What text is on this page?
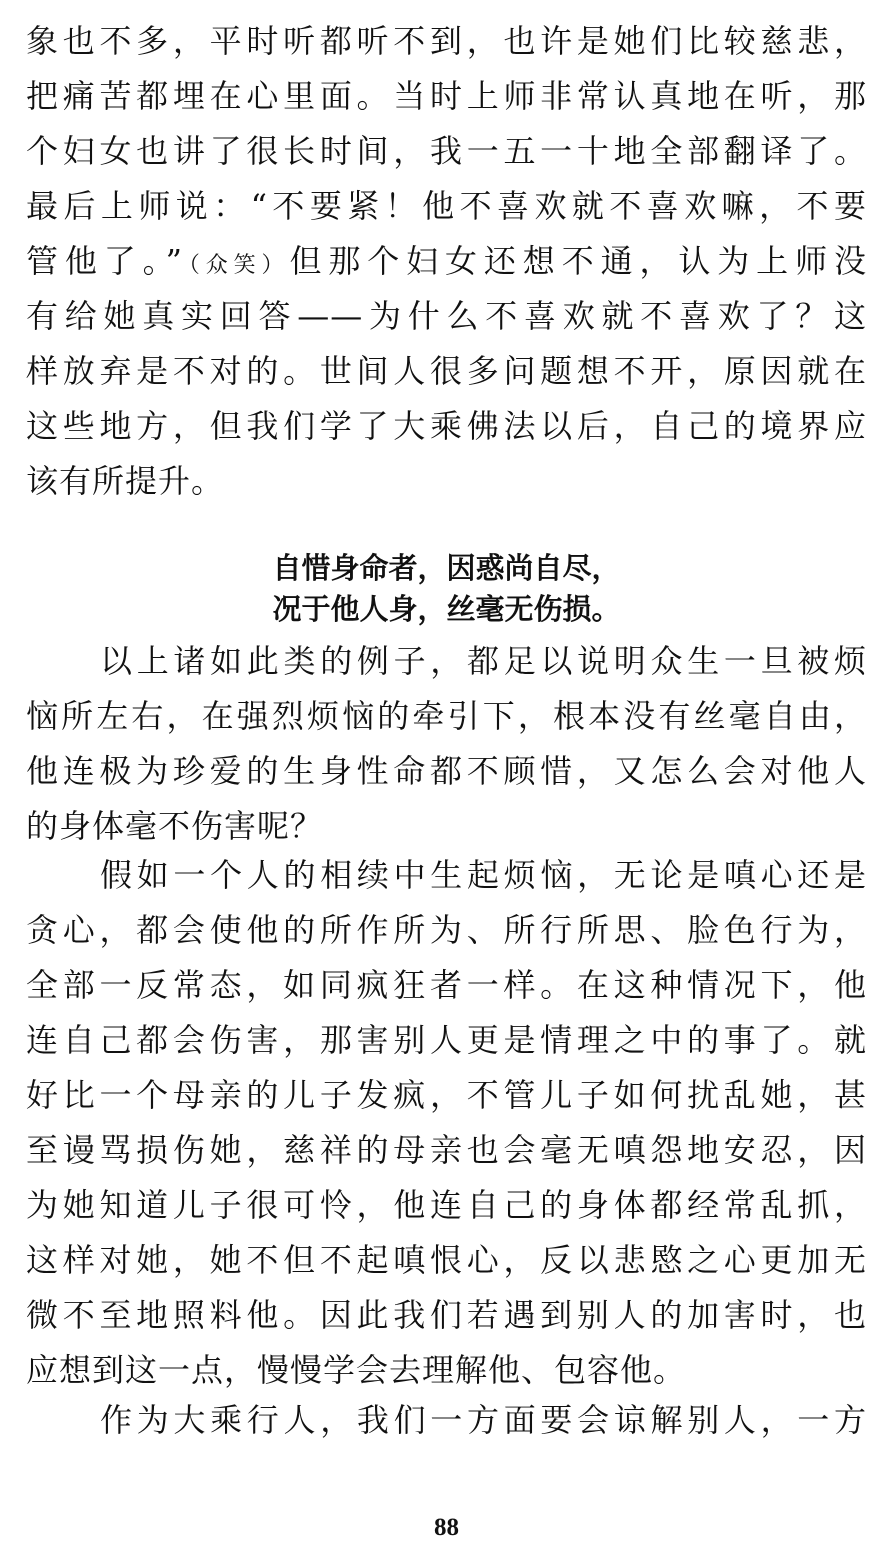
象也不多，平时听都听不到，也许是她们比较慈悲，
把痛苦都埋在心里面。当时上师非常认真地在听，那
个妇女也讲了很长时间，我一五一十地全部翻译了。
最后上师说：“不要紧！他不喜欢就不喜欢嘛，不要
管他了。”（众笑）但那个妇女还想不通，认为上师没
有给她真实回答——为什么不喜欢就不喜欢了？这
样放弃是不对的。世间人很多问题想不开，原因就在
这些地方，但我们学了大乘佛法以后，自己的境界应
该有所提升。
自惜身命者，因惑尚自尽，
况于他人身，丝毫无伤损。
以上诸如此类的例子，都足以说明众生一旦被烦
恼所左右，在强烈烦恼的牵引下，根本没有丝毫自由，
他连极为珍爱的生身性命都不顾惜，又怎么会对他人
的身体毫不伤害呢？
假如一个人的相续中生起烦恼，无论是嗔心还是
贪心，都会使他的所作所为、所行所思、脸色行为，
全部一反常态，如同疯狂者一样。在这种情况下，他
连自己都会伤害，那害别人更是情理之中的事了。就
好比一个母亲的儿子发疯，不管儿子如何扰乱她，甚
至谩骂损伤她，慈祥的母亲也会毫无嗔怨地安忍，因
为她知道儿子很可怜，他连自己的身体都经常乱抓，
这样对她，她不但不起嗔恨心，反以悲愍之心更加无
微不至地照料他。因此我们若遇到别人的加害时，也
应想到这一点，慢慢学会去理解他、包容他。
作为大乘行人，我们一方面要会谅解别人，一方
88
